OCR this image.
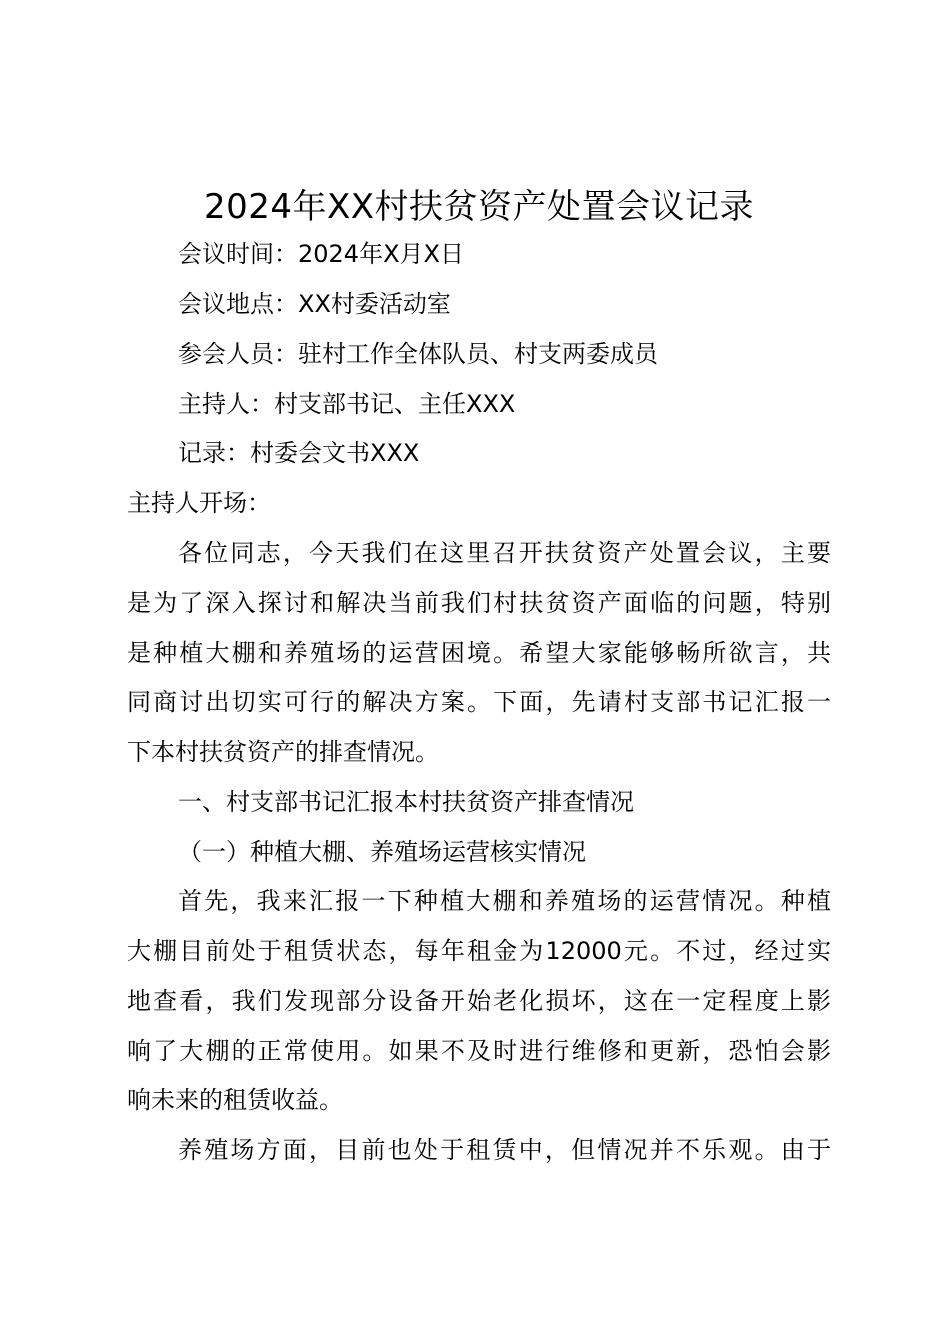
2024年XX村扶贫资产处置会议记录
会议时间：2024年X月X日
会议地点：XX村委活动室
参会人员：驻村工作全体队员、村支两委成员
主持人：村支部书记、主任XXX
记录：村委会文书XXX
主持人开场：
各位同志，今天我们在这里召开扶贫资产处置会议，主要
是为了深入探讨和解决当前我们村扶贫资产面临的问题，特别
是种植大棚和养殖场的运营困境。希望大家能够畅所欲言，共
同商讨出切实可行的解决方案。下面，先请村支部书记汇报一
下本村扶贫资产的排查情况。
一、村支部书记汇报本村扶贫资产排查情况
（一）种植大棚、养殖场运营核实情况
首先，我来汇报一下种植大棚和养殖场的运营情况。种植
大棚目前处于租赁状态，每年租金为12000元。不过，经过实
地查看，我们发现部分设备开始老化损坏，这在一定程度上影
响了大棚的正常使用。如果不及时进行维修和更新，恐怕会影
响未来的租赁收益。
养殖场方面，目前也处于租赁中，但情况并不乐观。由于
